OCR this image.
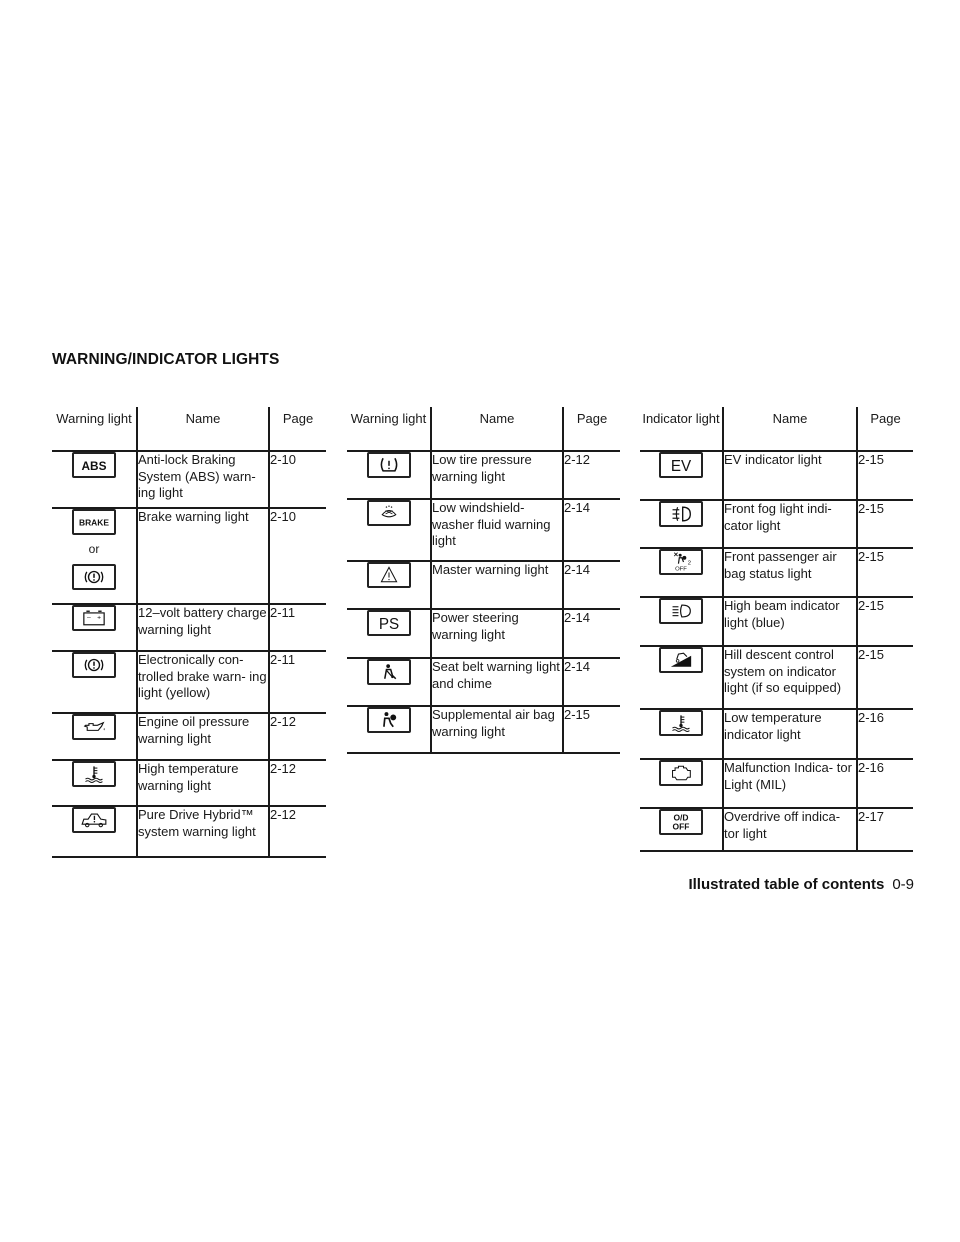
WARNING/INDICATOR LIGHTS
Warning light	Name	Page

ABS	Anti-lock Braking System (ABS) warn- ing light	2-10

BRAKE
or	Brake warning light	2-10

– +	12–volt battery charge warning light	2-11

	Electronically con- trolled brake warn- ing light (yellow)	2-11

	Engine oil pressure warning light	2-12

	High temperature warning light	2-12

	Pure Drive Hybrid™ system warning light	2-12
Warning light	Name	Page

	Low tire pressure warning light	2-12

	Low windshield- washer fluid warning light	2-14

	Master warning light	2-14

PS	Power steering warning light	2-14

	Seat belt warning light and chime	2-14

	Supplemental air bag warning light	2-15
Indicator light	Name	Page

EV	EV indicator light	2-15

	Front fog light indi- cator light	2-15

2
OFF	Front passenger air bag status light	2-15

	High beam indicator light (blue)	2-15

	Hill descent control system on indicator light (if so equipped)	2-15

	Low temperature indicator light	2-16

	Malfunction Indica- tor Light (MIL)	2-16

O/D
OFF	Overdrive off indica- tor light	2-17
Illustrated table of contents 0-9
